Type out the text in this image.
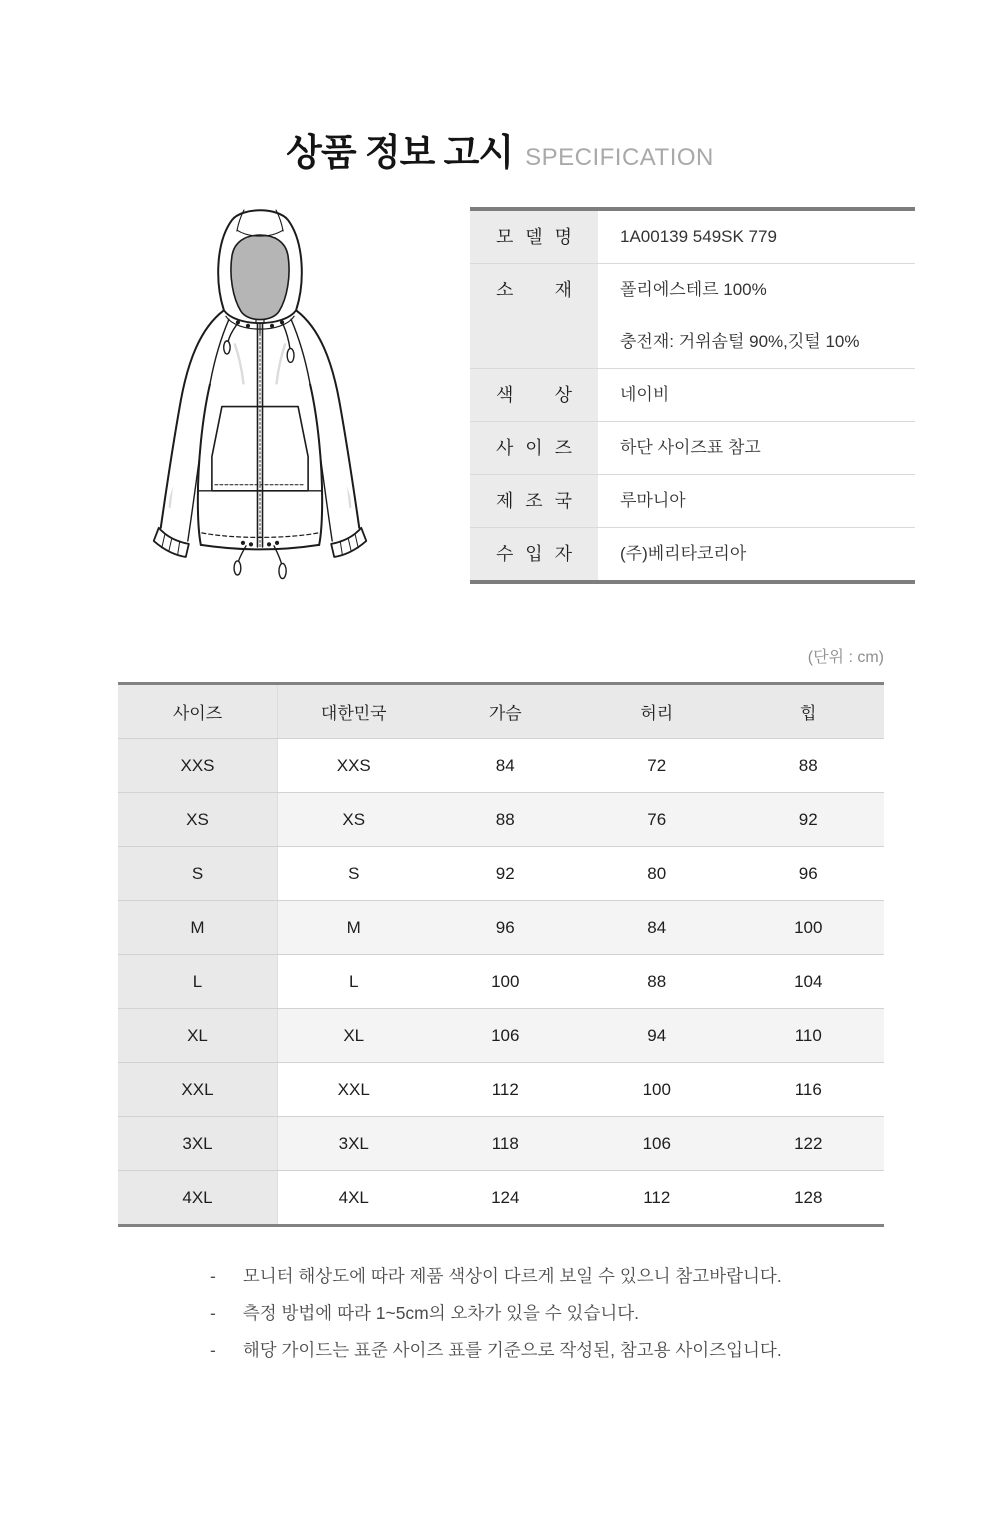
상품 정보 고시 SPECIFICATION
모 델 명	1A00139 549SK 779
소 재	폴리에스테르 100%
충전재: 거위솜털 90%,깃털 10%
색 상	네이비
사 이 즈	하단 사이즈표 참고
제 조 국	루마니아
수 입 자	(주)베리타코리아
(단위 : cm)
사이즈	대한민국	가슴	허리	힙
XXS	XXS	84	72	88
XS	XS	88	76	92
S	S	92	80	96
M	M	96	84	100
L	L	100	88	104
XL	XL	106	94	110
XXL	XXL	112	100	116
3XL	3XL	118	106	122
4XL	4XL	124	112	128
- 모니터 해상도에 따라 제품 색상이 다르게 보일 수 있으니 참고바랍니다.
- 측정 방법에 따라 1~5cm의 오차가 있을 수 있습니다.
- 해당 가이드는 표준 사이즈 표를 기준으로 작성된, 참고용 사이즈입니다.
